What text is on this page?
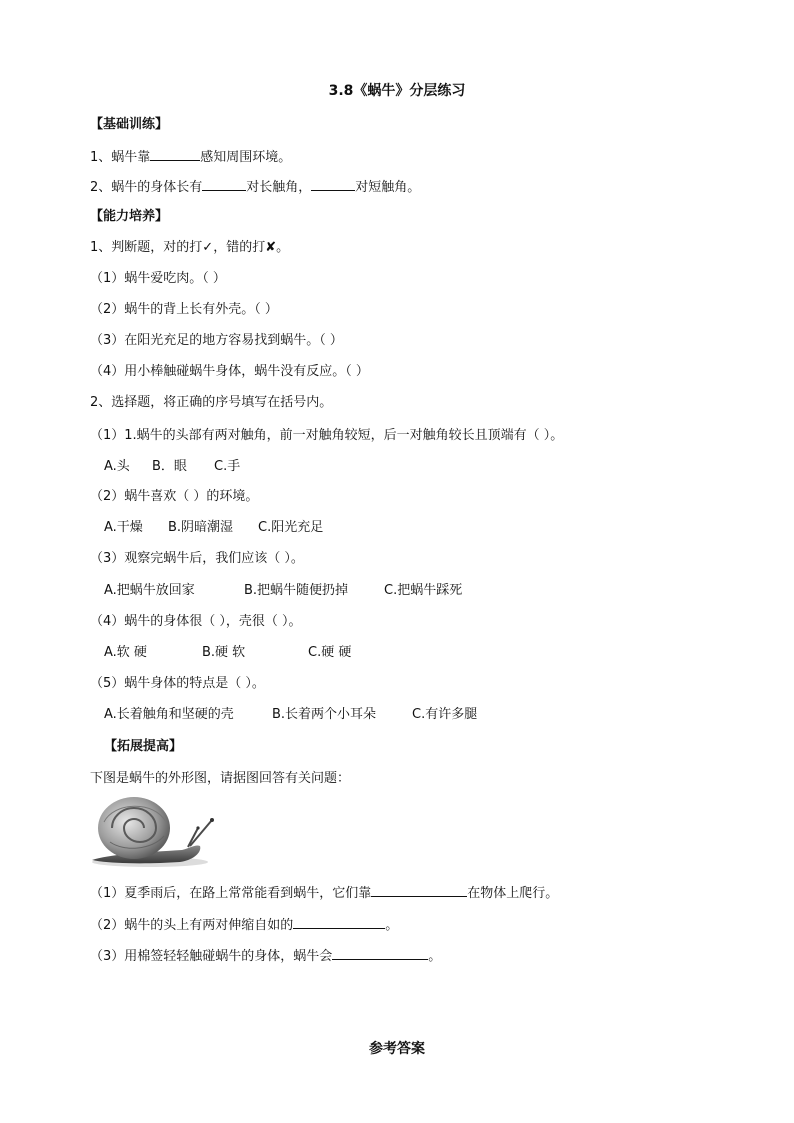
3.8《蜗牛》分层练习
【基础训练】
1、蜗牛靠	感知周围环境。
2、蜗牛的身体长有	对长触角，	对短触角。
【能力培养】
1、判断题，对的打✓，错的打✘。
（1）蜗牛爱吃肉。（ ）
（2）蜗牛的背上长有外壳。（ ）
（3）在阳光充足的地方容易找到蜗牛。（ ）
（4）用小棒触碰蜗牛身体，蜗牛没有反应。（ ）
2、选择题，将正确的序号填写在括号内。
（1）1.蜗牛的头部有两对触角，前一对触角较短，后一对触角较长且顶端有（ ）。
A.头 B．眼 C.手
（2）蜗牛喜欢（ ）的环境。
A.干燥 B.阴暗潮湿 C.阳光充足
（3）观察完蜗牛后，我们应该（ ）。
A.把蜗牛放回家	B.把蜗牛随便扔掉	C.把蜗牛踩死
（4）蜗牛的身体很（ ），壳很（ ）。
A.软 硬	B.硬 软	C.硬 硬
（5）蜗牛身体的特点是（ ）。
A.长着触角和坚硬的壳	B.长着两个小耳朵	C.有许多腿
【拓展提高】
下图是蜗牛的外形图，请据图回答有关问题：
（1）夏季雨后，在路上常常能看到蜗牛，它们靠	在物体上爬行。
（2）蜗牛的头上有两对伸缩自如的	。
（3）用棉签轻轻触碰蜗牛的身体，蜗牛会	。
参考答案
